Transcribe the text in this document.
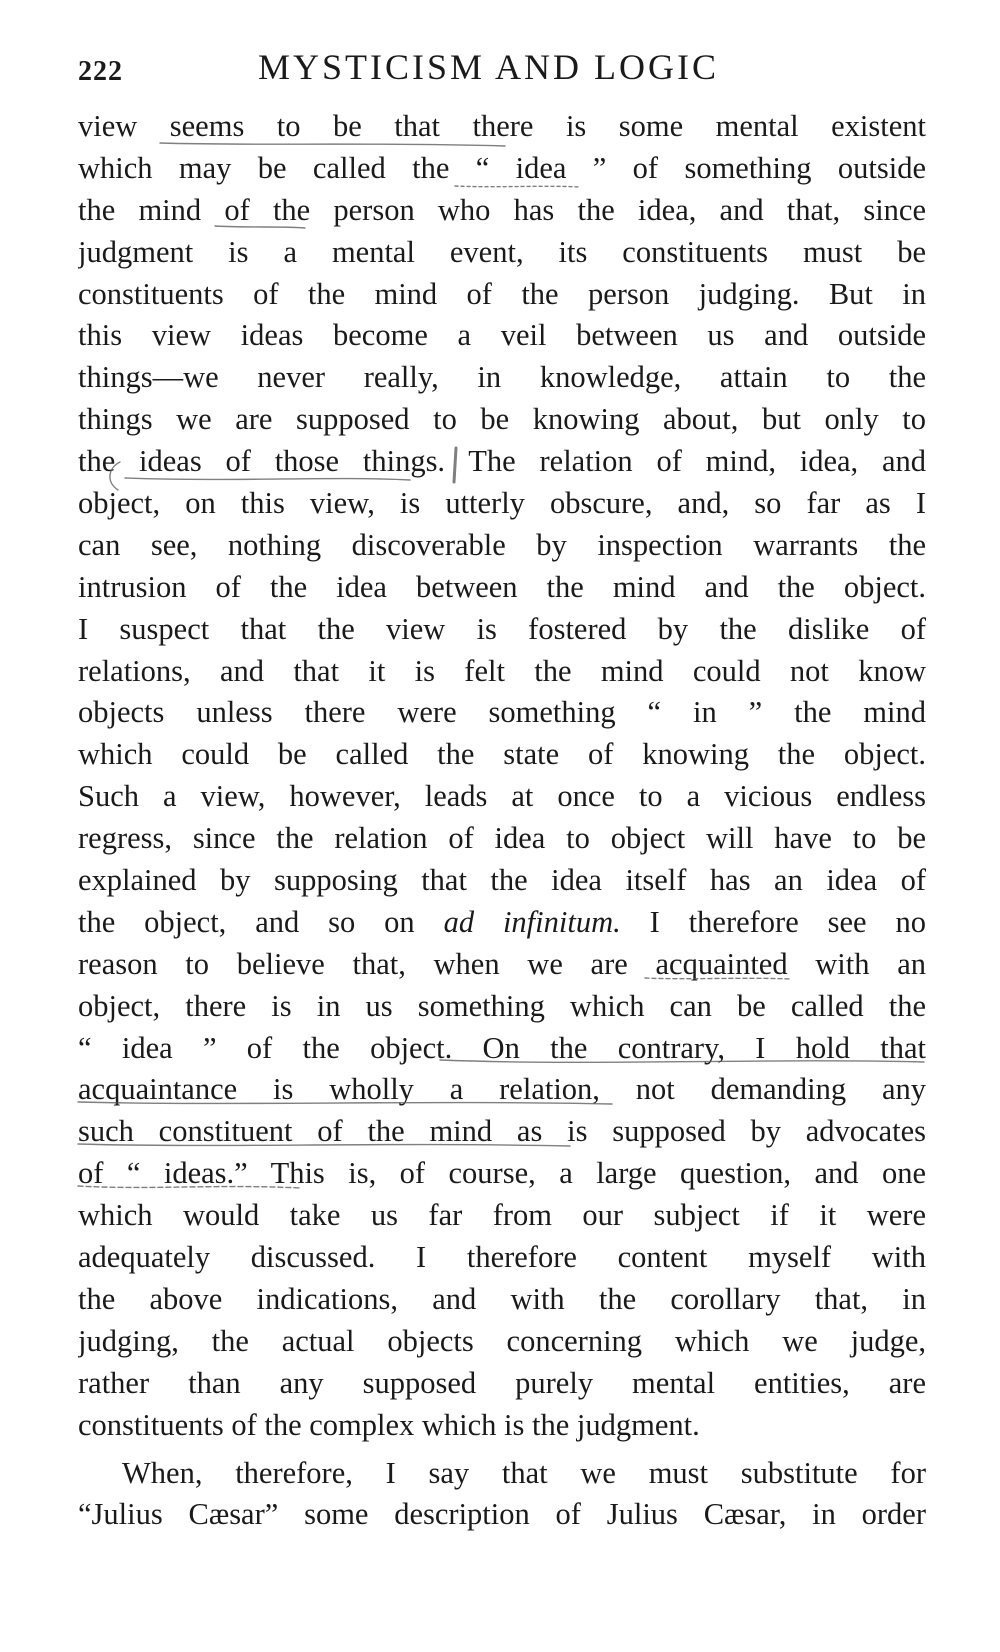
222	MYSTICISM AND LOGIC
view seems to be that there is some mental existent
which may be called the “ idea ” of something outside
the mind of the person who has the idea, and that, since
judgment is a mental event, its constituents must be
constituents of the mind of the person judging. But in
this view ideas become a veil between us and outside
things—we never really, in knowledge, attain to the
things we are supposed to be knowing about, but only to
the ideas of those things. The relation of mind, idea, and
object, on this view, is utterly obscure, and, so far as I
can see, nothing discoverable by inspection warrants the
intrusion of the idea between the mind and the object.
I suspect that the view is fostered by the dislike of
relations, and that it is felt the mind could not know
objects unless there were something “ in ” the mind
which could be called the state of knowing the object.
Such a view, however, leads at once to a vicious endless
regress, since the relation of idea to object will have to be
explained by supposing that the idea itself has an idea of
the object, and so on ad infinitum. I therefore see no
reason to believe that, when we are acquainted with an
object, there is in us something which can be called the
“ idea ” of the object. On the contrary, I hold that
acquaintance is wholly a relation, not demanding any
such constituent of the mind as is supposed by advocates
of “ ideas.” This is, of course, a large question, and one
which would take us far from our subject if it were
adequately discussed. I therefore content myself with
the above indications, and with the corollary that, in
judging, the actual objects concerning which we judge,
rather than any supposed purely mental entities, are
constituents of the complex which is the judgment.
When, therefore, I say that we must substitute for
“Julius Cæsar” some description of Julius Cæsar, in order
